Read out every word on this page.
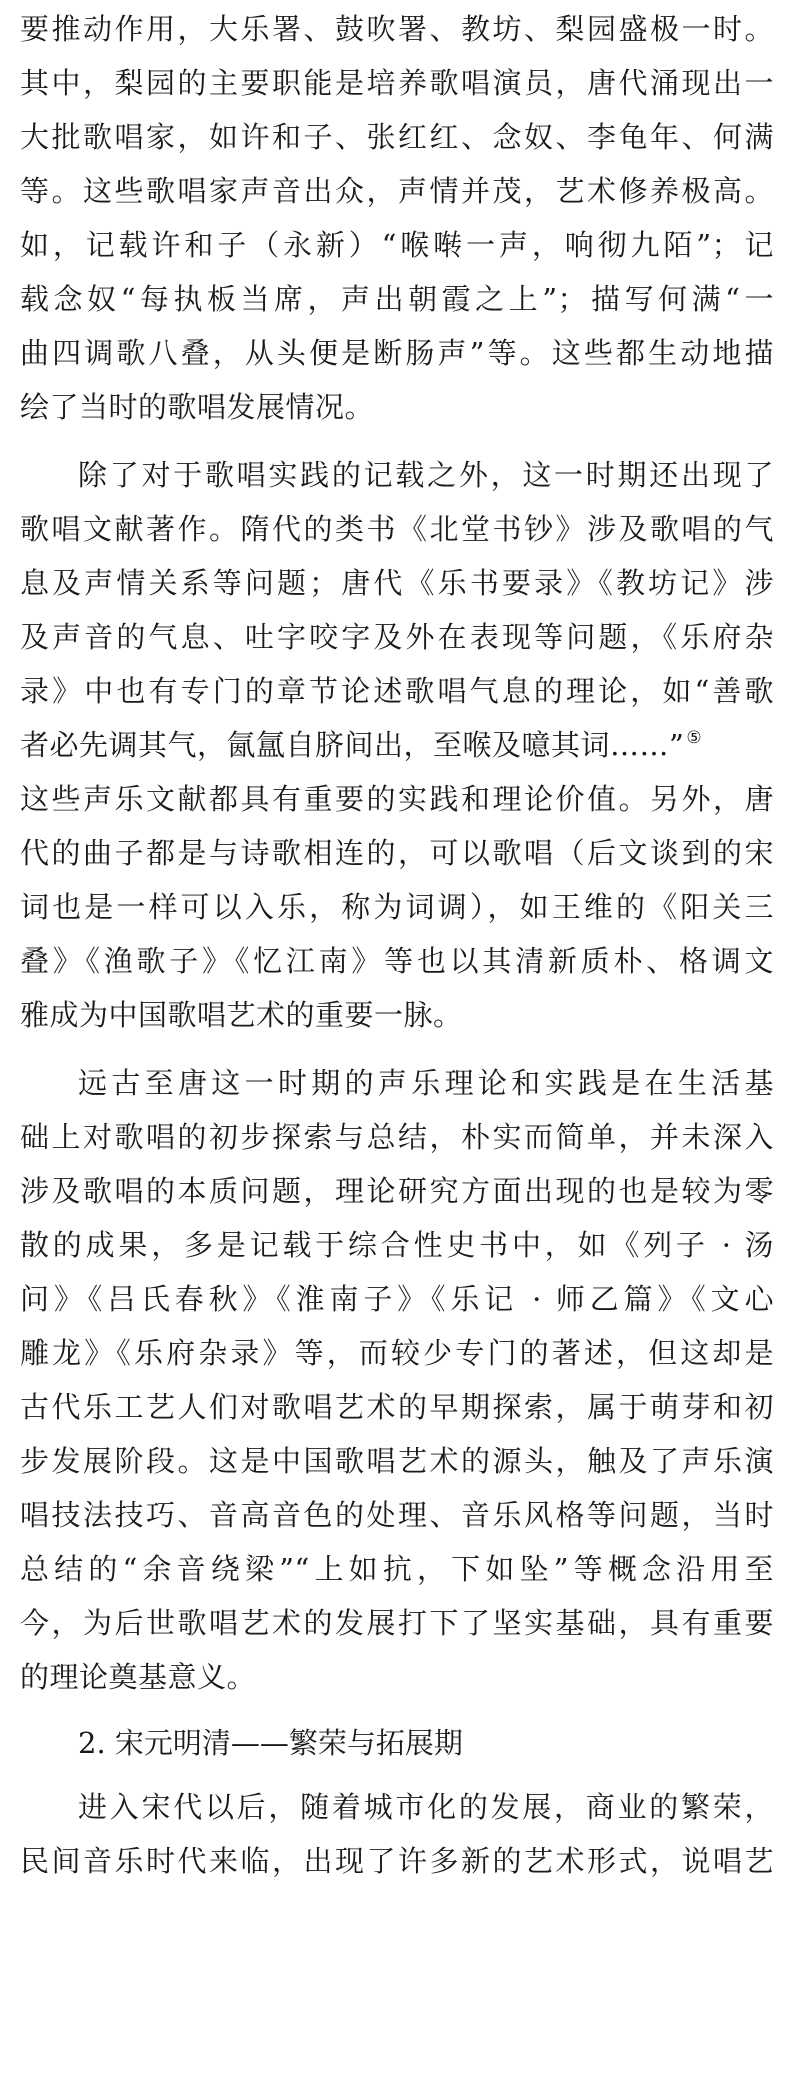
要推动作用，大乐署、鼓吹署、教坊、梨园盛极一时。
其中，梨园的主要职能是培养歌唱演员，唐代涌现出一
大批歌唱家，如许和子、张红红、念奴、李龟年、何满
等。这些歌唱家声音出众，声情并茂，艺术修养极高。
如，记载许和子（永新）“喉啭一声，响彻九陌”；记
载念奴“每执板当席，声出朝霞之上”；描写何满“一
曲四调歌八叠，从头便是断肠声”等。这些都生动地描
绘了当时的歌唱发展情况。
除了对于歌唱实践的记载之外，这一时期还出现了
歌唱文献著作。隋代的类书《北堂书钞》涉及歌唱的气
息及声情关系等问题；唐代《乐书要录》《教坊记》涉
及声音的气息、吐字咬字及外在表现等问题，《乐府杂
录》中也有专门的章节论述歌唱气息的理论，如“善歌
者必先调其气，氤氲自脐间出，至喉及噫其词……” ⑤
这些声乐文献都具有重要的实践和理论价值。另外，唐
代的曲子都是与诗歌相连的，可以歌唱（后文谈到的宋
词也是一样可以入乐，称为词调），如王维的《阳关三
叠》《渔歌子》《忆江南》等也以其清新质朴、格调文
雅成为中国歌唱艺术的重要一脉。
远古至唐这一时期的声乐理论和实践是在生活基
础上对歌唱的初步探索与总结，朴实而简单，并未深入
涉及歌唱的本质问题，理论研究方面出现的也是较为零
散的成果，多是记载于综合性史书中，如《列子 · 汤
问》《吕氏春秋》《淮南子》《乐记 · 师乙篇》《文心
雕龙》《乐府杂录》等，而较少专门的著述，但这却是
古代乐工艺人们对歌唱艺术的早期探索，属于萌芽和初
步发展阶段。这是中国歌唱艺术的源头，触及了声乐演
唱技法技巧、音高音色的处理、音乐风格等问题，当时
总结的“余音绕梁”“上如抗，下如坠”等概念沿用至
今，为后世歌唱艺术的发展打下了坚实基础，具有重要
的理论奠基意义。
2. 宋元明清——繁荣与拓展期
进入宋代以后，随着城市化的发展，商业的繁荣，
民间音乐时代来临，出现了许多新的艺术形式，说唱艺
